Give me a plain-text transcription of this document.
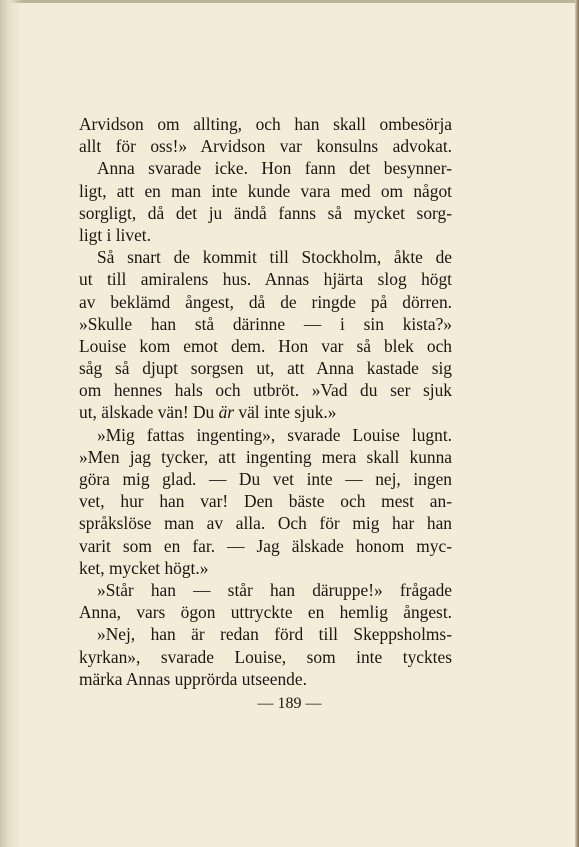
Arvidson om allting, och han skall ombesörja
allt för oss!» Arvidson var konsulns advokat.
Anna svarade icke. Hon fann det besynner-
ligt, att en man inte kunde vara med om något
sorgligt, då det ju ändå fanns så mycket sorg-
ligt i livet.
Så snart de kommit till Stockholm, åkte de
ut till amiralens hus. Annas hjärta slog högt
av beklämd ångest, då de ringde på dörren.
»Skulle han stå därinne — i sin kista?»
Louise kom emot dem. Hon var så blek och
såg så djupt sorgsen ut, att Anna kastade sig
om hennes hals och utbröt. »Vad du ser sjuk
ut, älskade vän! Du är väl inte sjuk.»
»Mig fattas ingenting», svarade Louise lugnt.
»Men jag tycker, att ingenting mera skall kunna
göra mig glad. — Du vet inte — nej, ingen
vet, hur han var! Den bäste och mest an-
språkslöse man av alla. Och för mig har han
varit som en far. — Jag älskade honom myc-
ket, mycket högt.»
»Står han — står han däruppe!» frågade
Anna, vars ögon uttryckte en hemlig ångest.
»Nej, han är redan förd till Skeppsholms-
kyrkan», svarade Louise, som inte tycktes
märka Annas upprörda utseende.
— 189 —
